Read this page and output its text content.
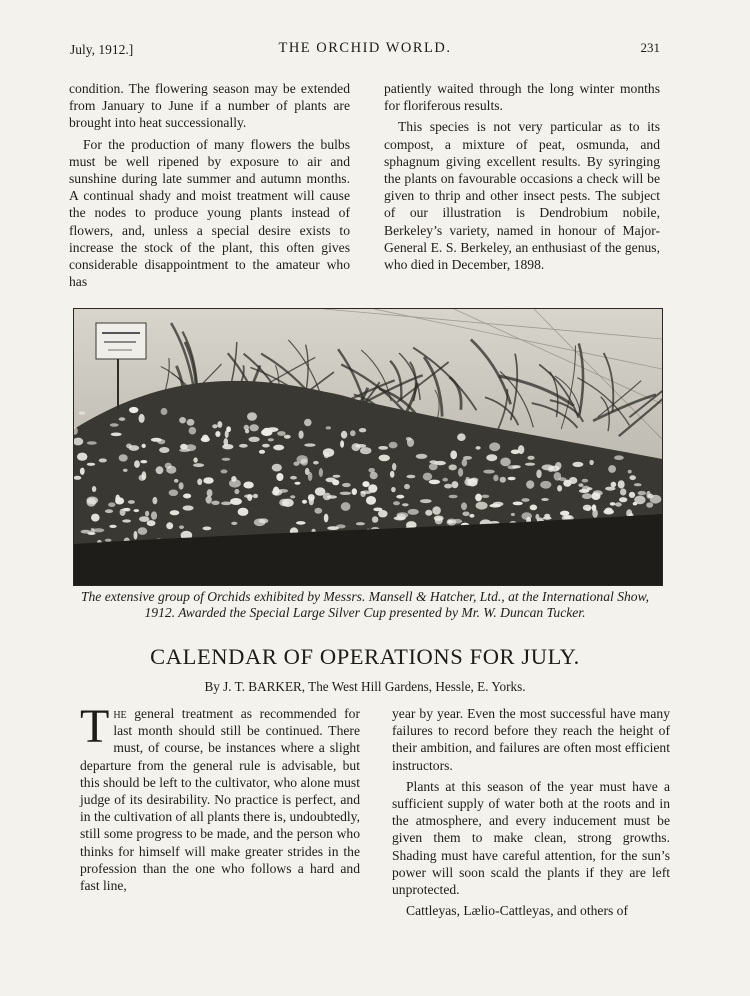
July, 1912.]	THE ORCHID WORLD.	231

condition. The flowering season may be extended from January to June if a number of plants are brought into heat successionally.

For the production of many flowers the bulbs must be well ripened by exposure to air and sunshine during late summer and autumn months. A continual shady and moist treatment will cause the nodes to produce young plants instead of flowers, and, unless a special desire exists to increase the stock of the plant, this often gives considerable disappointment to the amateur who has

patiently waited through the long winter months for floriferous results.

This species is not very particular as to its compost, a mixture of peat, osmunda, and sphagnum giving excellent results. By syringing the plants on favourable occasions a check will be given to thrip and other insect pests. The subject of our illustration is Dendrobium nobile, Berkeley’s variety, named in honour of Major-General E. S. Berkeley, an enthusiast of the genus, who died in December, 1898.

The extensive group of Orchids exhibited by Messrs. Mansell & Hatcher, Ltd., at the International Show, 1912. Awarded the Special Large Silver Cup presented by Mr. W. Duncan Tucker.
CALENDAR OF OPERATIONS FOR JULY.
By J. T. BARKER, The West Hill Gardens, Hessle, E. Yorks.

The general treatment as recommended for last month should still be continued. There must, of course, be instances where a slight departure from the general rule is advisable, but this should be left to the cultivator, who alone must judge of its desirability. No practice is perfect, and in the cultivation of all plants there is, undoubtedly, still some progress to be made, and the person who thinks for himself will make greater strides in the profession than the one who follows a hard and fast line,

year by year. Even the most successful have many failures to record before they reach the height of their ambition, and failures are often most efficient instructors.

Plants at this season of the year must have a sufficient supply of water both at the roots and in the atmosphere, and every inducement must be given them to make clean, strong growths. Shading must have careful attention, for the sun’s power will soon scald the plants if they are left unprotected.

Cattleyas, Lælio-Cattleyas, and others of
